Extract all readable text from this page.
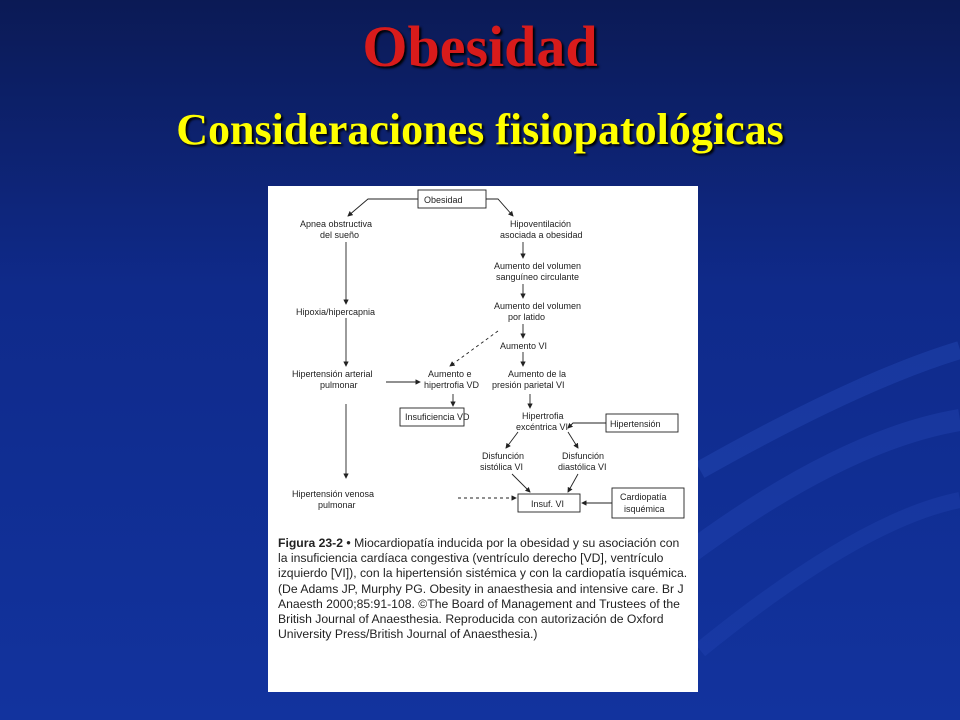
Obesidad
Consideraciones fisiopatológicas
Obesidad
Apnea obstructiva
del sueño
Hipoventilación
asociada a obesidad
Aumento del volumen
sanguíneo circulante
Aumento del volumen
por latido
Hipoxia/hipercapnia
Aumento VI
Hipertensión arterial
pulmonar
Aumento e
hipertrofia VD
Aumento de la
presión parietal VI
Insuficiencia VD	Hipertrofia
excéntrica VI	Hipertensión
Disfunción
sistólica VI
Disfunción
diastólica VI
Hipertensión venosa
pulmonar	Insuf. VI
Cardiopatía
isquémica
Figura 23-2 • Miocardiopatía inducida por la obesidad y su asociación con la insuficiencia cardíaca congestiva (ventrículo derecho [VD], ventrículo izquierdo [VI]), con la hipertensión sistémica y con la cardiopatía isquémica. (De Adams JP, Murphy PG. Obesity in anaesthesia and intensive care. Br J Anaesth 2000;85:91-108. ©The Board of Management and Trustees of the British Journal of Anaesthesia. Reproducida con autorización de Oxford University Press/British Journal of Anaesthesia.)
